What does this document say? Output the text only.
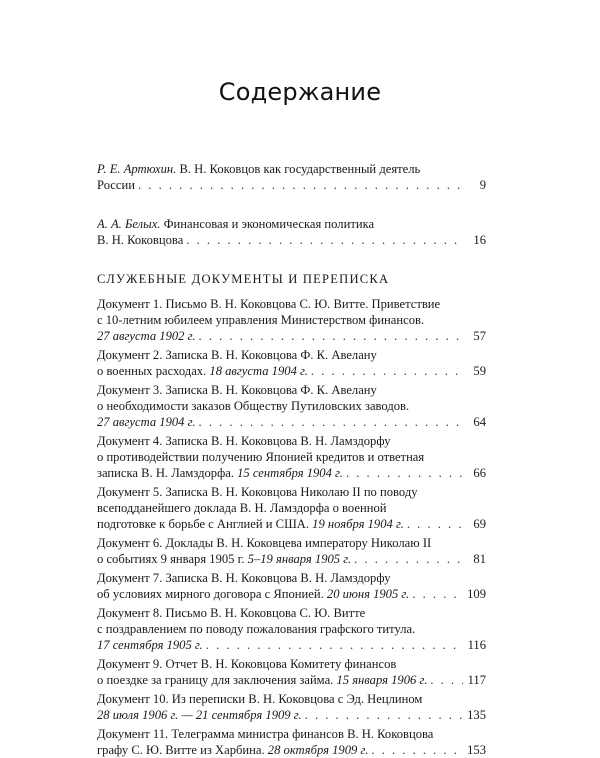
Содержание
Р. Е. Артюхин. В. Н. Коковцов как государственный деятель
России . . .	9
А. А. Белых. Финансовая и экономическая политика
В. Н. Коковцова . . .	16
СЛУЖЕБНЫЕ ДОКУМЕНТЫ И ПЕРЕПИСКА
Документ 1. Письмо В. Н. Коковцова С. Ю. Витте. Приветствие
с 10-летним юбилеем управления Министерством финансов.
27 августа 1902 г. . . .	57
Документ 2. Записка В. Н. Коковцова Ф. К. Авелану
о военных расходах. 18 августа 1904 г. . . .	59
Документ 3. Записка В. Н. Коковцова Ф. К. Авелану
о необходимости заказов Обществу Путиловских заводов.
27 августа 1904 г. . . .	64
Документ 4. Записка В. Н. Коковцова В. Н. Ламздорфу
о противодействии получению Японией кредитов и ответная
записка В. Н. Ламздорфа. 15 сентября 1904 г. . . .	66
Документ 5. Записка В. Н. Коковцова Николаю II по поводу
всеподданейшего доклада В. Н. Ламздорфа о военной
подготовке к борьбе с Англией и США. 19 ноября 1904 г. . . .	69
Документ 6. Доклады В. Н. Коковцева императору Николаю II
о событиях 9 января 1905 г. 5–19 января 1905 г. . . .	81
Документ 7. Записка В. Н. Коковцова В. Н. Ламздорфу
об условиях мирного договора с Японией. 20 июня 1905 г. . . .	109
Документ 8. Письмо В. Н. Коковцова С. Ю. Витте
с поздравлением по поводу пожалования графского титула.
17 сентября 1905 г. . . .	116
Документ 9. Отчет В. Н. Коковцова Комитету финансов
о поездке за границу для заключения займа. 15 января 1906 г. . . .	117
Документ 10. Из переписки В. Н. Коковцова с Эд. Нецлином
28 июля 1906 г. — 21 сентября 1909 г. . . .	135
Документ 11. Телеграмма министра финансов В. Н. Коковцова
графу С. Ю. Витте из Харбина. 28 октября 1909 г. . . .	153
